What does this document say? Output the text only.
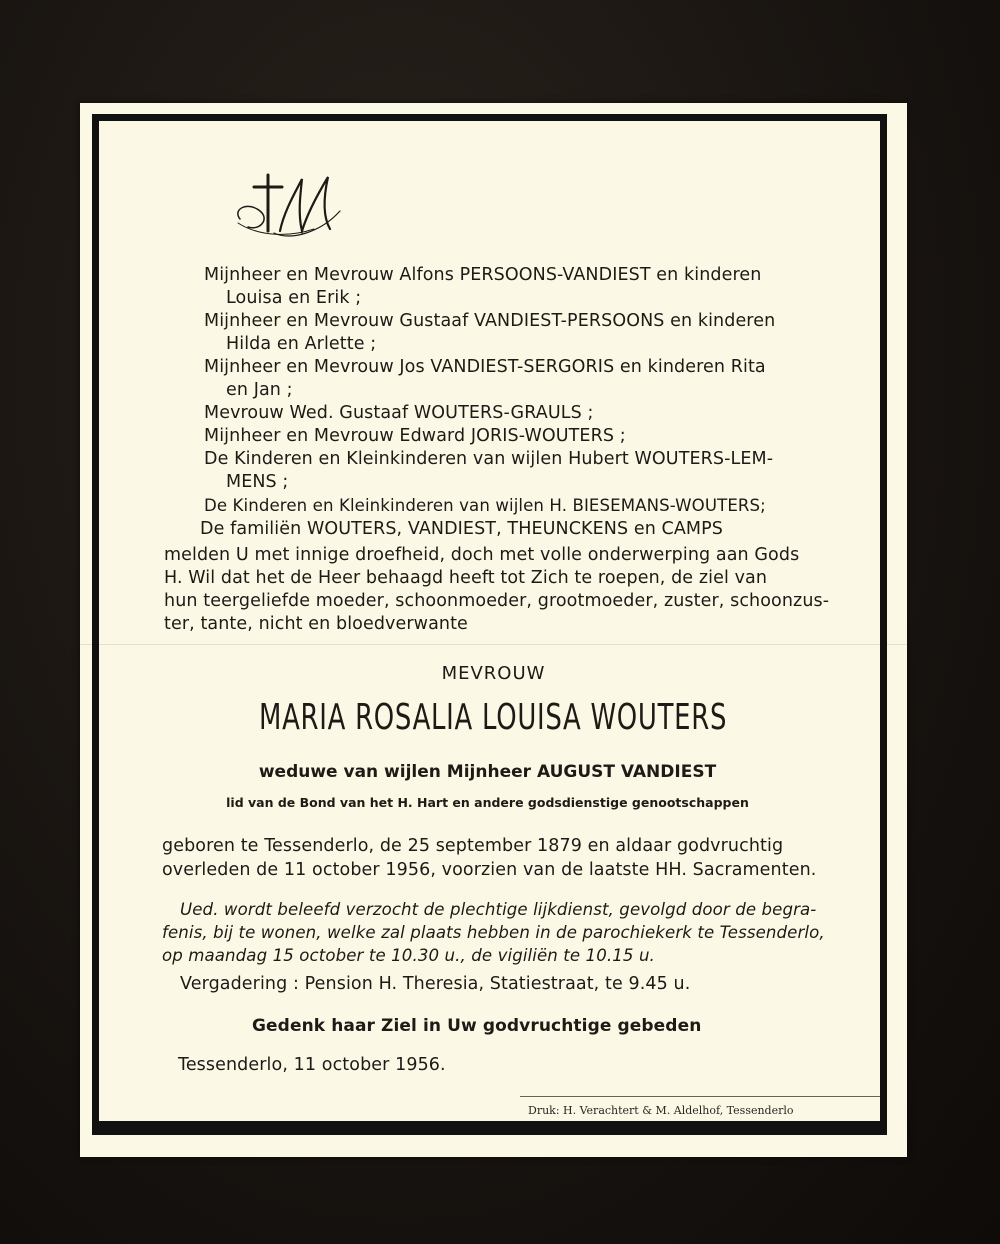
Mijnheer en Mevrouw Alfons PERSOONS-VANDIEST en kinderen
Louisa en Erik ;
Mijnheer en Mevrouw Gustaaf VANDIEST-PERSOONS en kinderen
Hilda en Arlette ;
Mijnheer en Mevrouw Jos VANDIEST-SERGORIS en kinderen Rita
en Jan ;
Mevrouw Wed. Gustaaf WOUTERS-GRAULS ;
Mijnheer en Mevrouw Edward JORIS-WOUTERS ;
De Kinderen en Kleinkinderen van wijlen Hubert WOUTERS-LEM-
MENS ;
De Kinderen en Kleinkinderen van wijlen H. BIESEMANS-WOUTERS;
De familiën WOUTERS, VANDIEST, THEUNCKENS en CAMPS
melden U met innige droefheid, doch met volle onderwerping aan Gods
H. Wil dat het de Heer behaagd heeft tot Zich te roepen, de ziel van
hun teergeliefde moeder, schoonmoeder, grootmoeder, zuster, schoonzus-
ter, tante, nicht en bloedverwante
MEVROUW
MARIA ROSALIA LOUISA WOUTERS
weduwe van wijlen Mijnheer AUGUST VANDIEST
lid van de Bond van het H. Hart en andere godsdienstige genootschappen
geboren te Tessenderlo, de 25 september 1879 en aldaar godvruchtig
overleden de 11 october 1956, voorzien van de laatste HH. Sacramenten.
Ued. wordt beleefd verzocht de plechtige lijkdienst, gevolgd door de begra-
fenis, bij te wonen, welke zal plaats hebben in de parochiekerk te Tessenderlo,
op maandag 15 october te 10.30 u., de vigiliën te 10.15 u.
Vergadering : Pension H. Theresia, Statiestraat, te 9.45 u.
Gedenk haar Ziel in Uw godvruchtige gebeden
Tessenderlo, 11 october 1956.
Druk: H. Verachtert & M. Aldelhof, Tessenderlo
